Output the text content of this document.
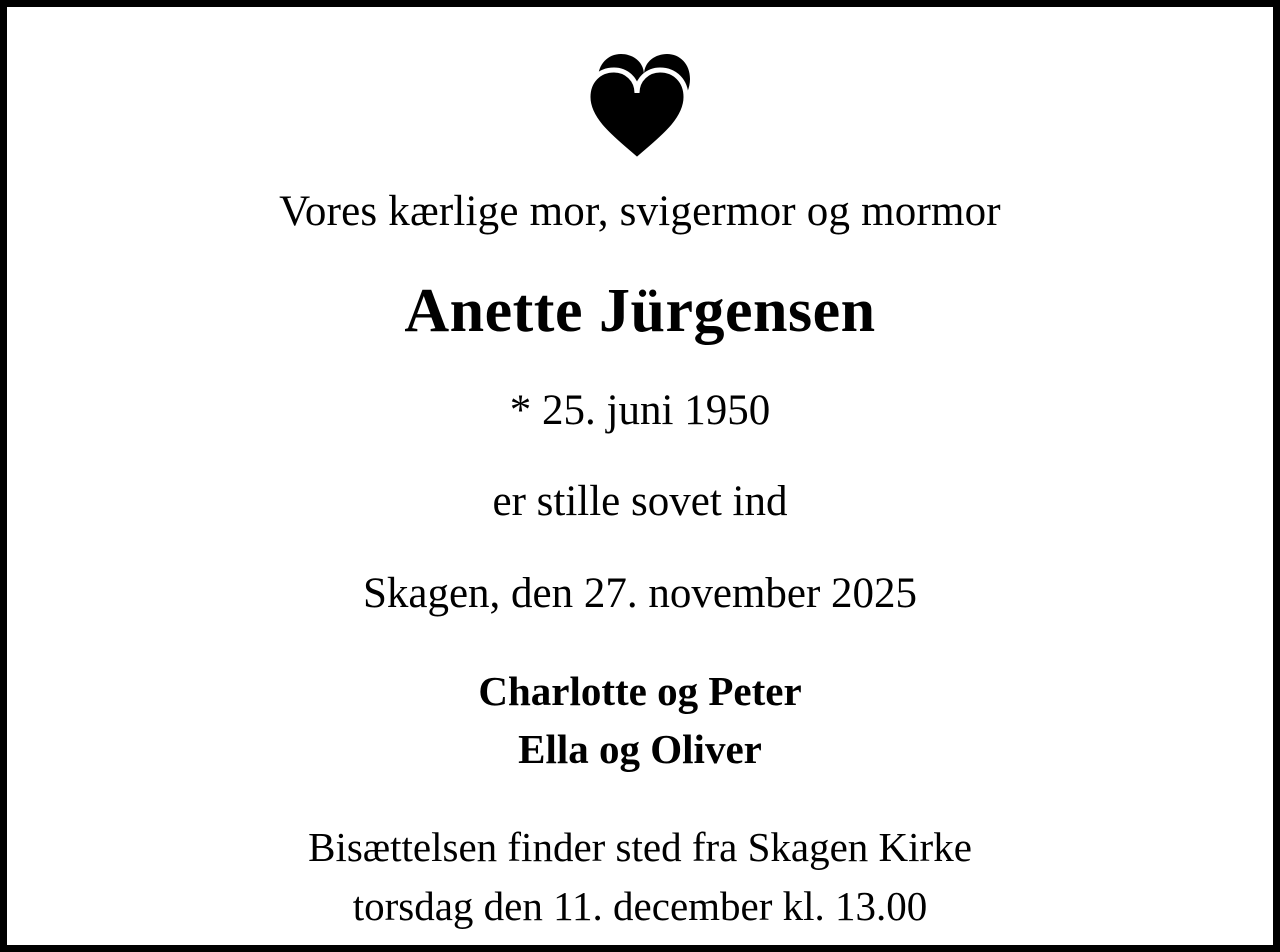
Vores kærlige mor, svigermor og mormor
Anette Jürgensen
* 25. juni 1950
er stille sovet ind
Skagen, den 27. november 2025
Charlotte og Peter
Ella og Oliver
Bisættelsen finder sted fra Skagen Kirke
torsdag den 11. december kl. 13.00
